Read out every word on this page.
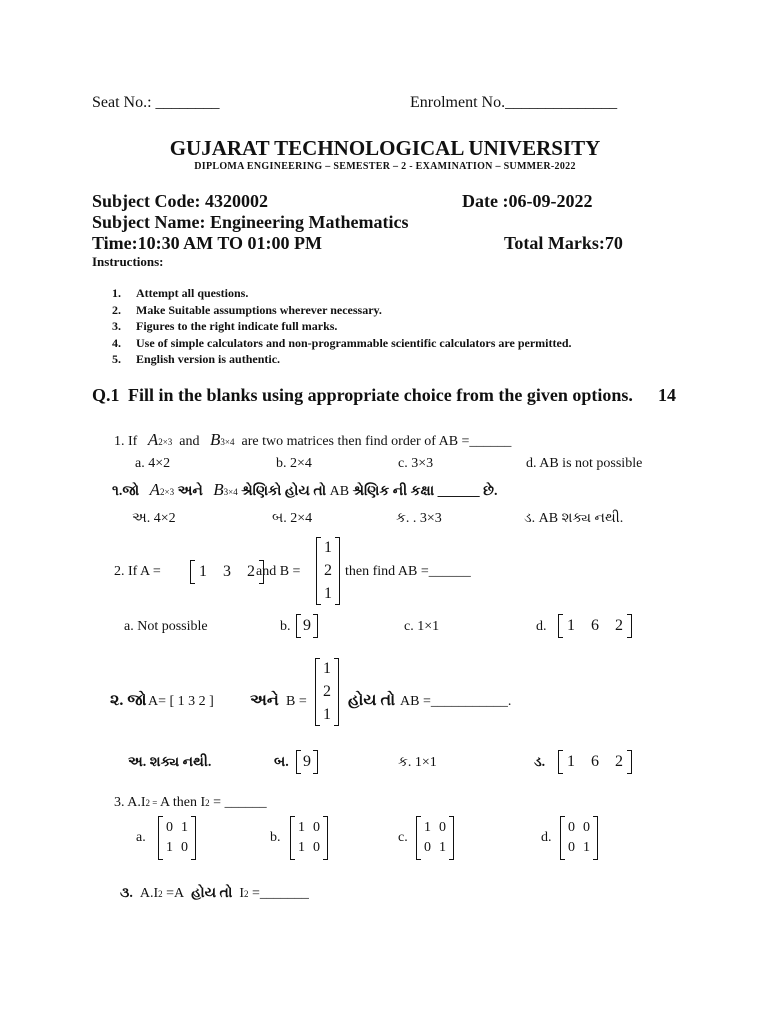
Seat No.: ________	Enrolment No.______________
GUJARAT TECHNOLOGICAL UNIVERSITY
DIPLOMA ENGINEERING – SEMESTER – 2 - EXAMINATION – SUMMER-2022
Subject Code: 4320002	Date :06-09-2022
Subject Name: Engineering Mathematics
Time:10:30 AM TO 01:00 PM	Total Marks:70
Instructions:
1. Attempt all questions.
2. Make Suitable assumptions wherever necessary.
3. Figures to the right indicate full marks.
4. Use of simple calculators and non-programmable scientific calculators are permitted.
5. English version is authentic.
Q.1 Fill in the blanks using appropriate choice from the given options. 14
1. If A2×3 and B3×4 are two matrices then find order of AB =______
a. 4×2	b. 2×4	c. 3×3	d. AB is not possible
૧.જો A2×3 અને B3×4 શ્રેણિકો હોય તો AB શ્રેણિક ની કક્ષા ______ છે.
અ. 4×2	બ. 2×4	ક. . 3×3	ડ. AB શક્ય નથી.
2. If A = 1 3 2 and B =
1
2
1
then find AB =______
a. Not possible	b. 9	c. 1×1	d. 1 6 2
૨. જો A= [ 1 3 2 ] અને B =
1
2
1
હોય તો AB =___________.
અ. શક્ય નથી.	બ. 9	ક. 1×1	ડ. 1 6 2
3. A.I2 = A then I2 = ______
a.
0 1
1 0
b.
1 0
1 0
c.
1 0
0 1
d.
0 0
0 1
૩. A.I2 =A હોય તો I2 =_______
